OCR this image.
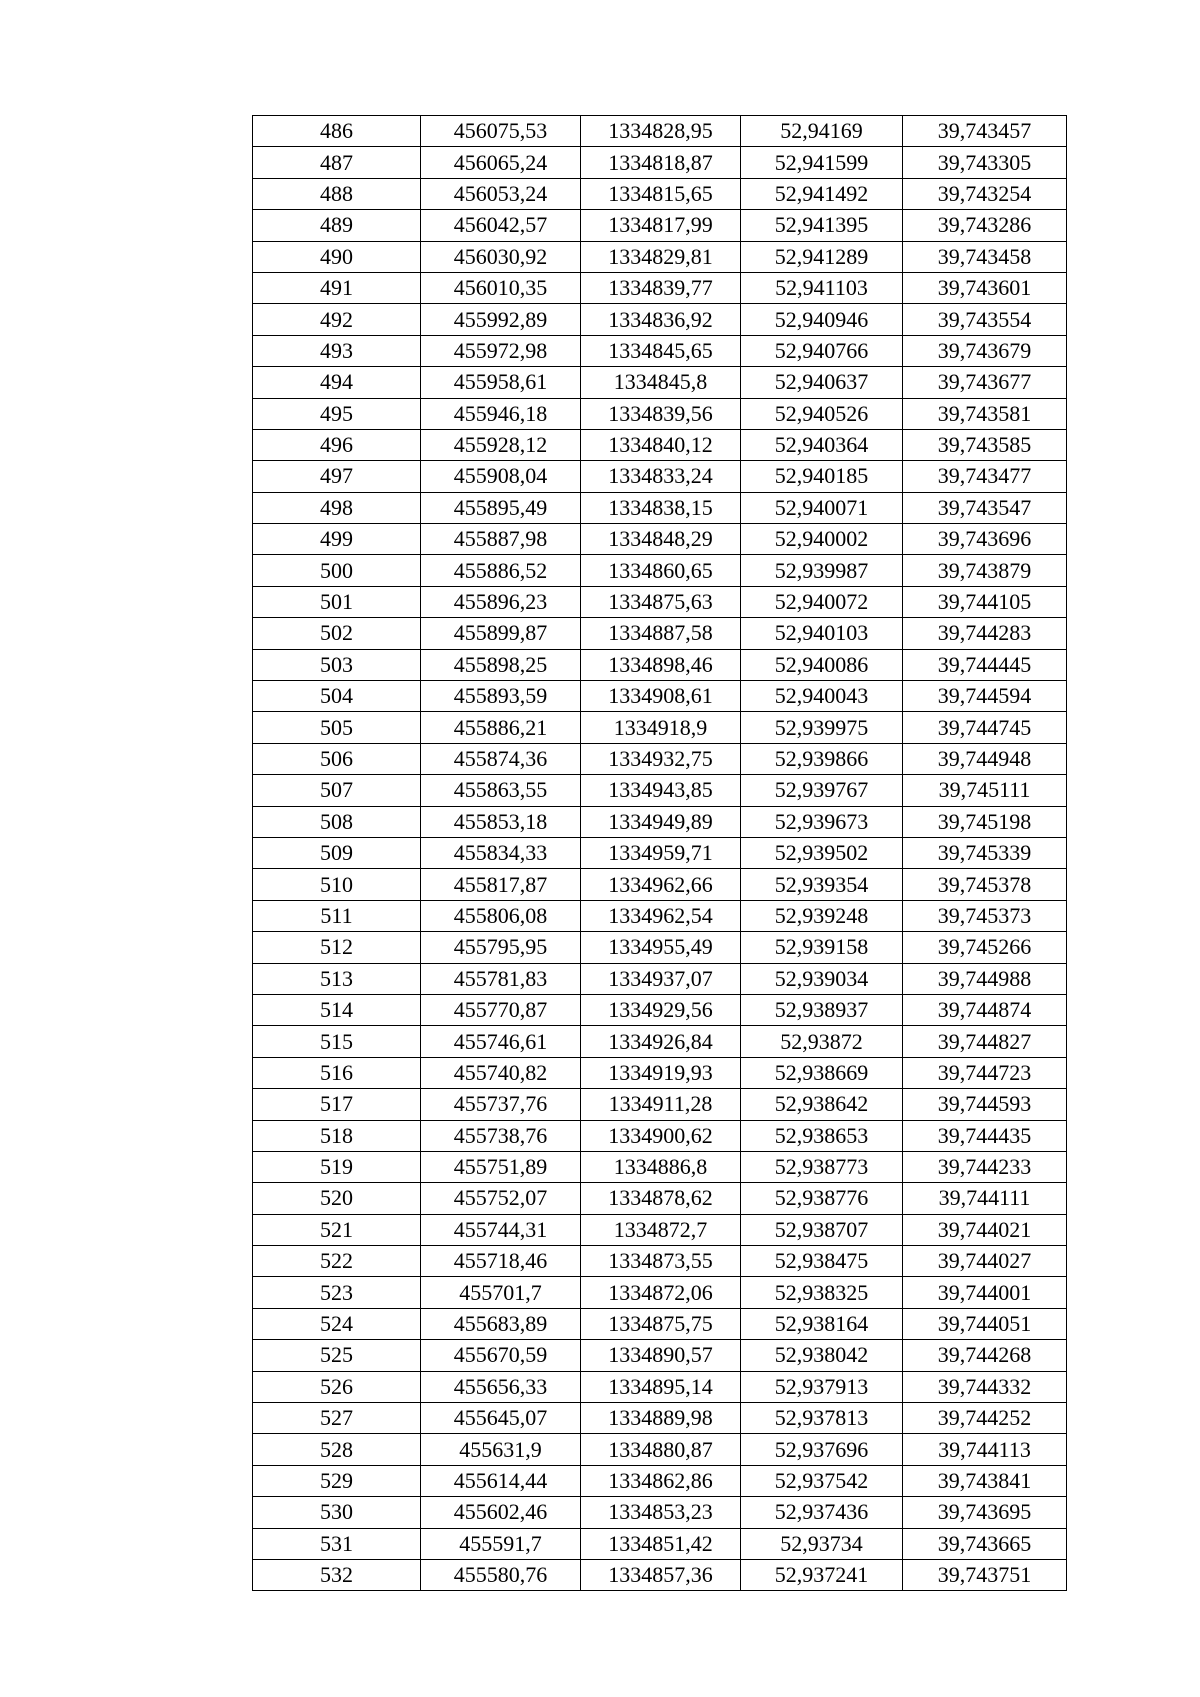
486	456075,53	1334828,95	52,94169	39,743457
487	456065,24	1334818,87	52,941599	39,743305
488	456053,24	1334815,65	52,941492	39,743254
489	456042,57	1334817,99	52,941395	39,743286
490	456030,92	1334829,81	52,941289	39,743458
491	456010,35	1334839,77	52,941103	39,743601
492	455992,89	1334836,92	52,940946	39,743554
493	455972,98	1334845,65	52,940766	39,743679
494	455958,61	1334845,8	52,940637	39,743677
495	455946,18	1334839,56	52,940526	39,743581
496	455928,12	1334840,12	52,940364	39,743585
497	455908,04	1334833,24	52,940185	39,743477
498	455895,49	1334838,15	52,940071	39,743547
499	455887,98	1334848,29	52,940002	39,743696
500	455886,52	1334860,65	52,939987	39,743879
501	455896,23	1334875,63	52,940072	39,744105
502	455899,87	1334887,58	52,940103	39,744283
503	455898,25	1334898,46	52,940086	39,744445
504	455893,59	1334908,61	52,940043	39,744594
505	455886,21	1334918,9	52,939975	39,744745
506	455874,36	1334932,75	52,939866	39,744948
507	455863,55	1334943,85	52,939767	39,745111
508	455853,18	1334949,89	52,939673	39,745198
509	455834,33	1334959,71	52,939502	39,745339
510	455817,87	1334962,66	52,939354	39,745378
511	455806,08	1334962,54	52,939248	39,745373
512	455795,95	1334955,49	52,939158	39,745266
513	455781,83	1334937,07	52,939034	39,744988
514	455770,87	1334929,56	52,938937	39,744874
515	455746,61	1334926,84	52,93872	39,744827
516	455740,82	1334919,93	52,938669	39,744723
517	455737,76	1334911,28	52,938642	39,744593
518	455738,76	1334900,62	52,938653	39,744435
519	455751,89	1334886,8	52,938773	39,744233
520	455752,07	1334878,62	52,938776	39,744111
521	455744,31	1334872,7	52,938707	39,744021
522	455718,46	1334873,55	52,938475	39,744027
523	455701,7	1334872,06	52,938325	39,744001
524	455683,89	1334875,75	52,938164	39,744051
525	455670,59	1334890,57	52,938042	39,744268
526	455656,33	1334895,14	52,937913	39,744332
527	455645,07	1334889,98	52,937813	39,744252
528	455631,9	1334880,87	52,937696	39,744113
529	455614,44	1334862,86	52,937542	39,743841
530	455602,46	1334853,23	52,937436	39,743695
531	455591,7	1334851,42	52,93734	39,743665
532	455580,76	1334857,36	52,937241	39,743751
